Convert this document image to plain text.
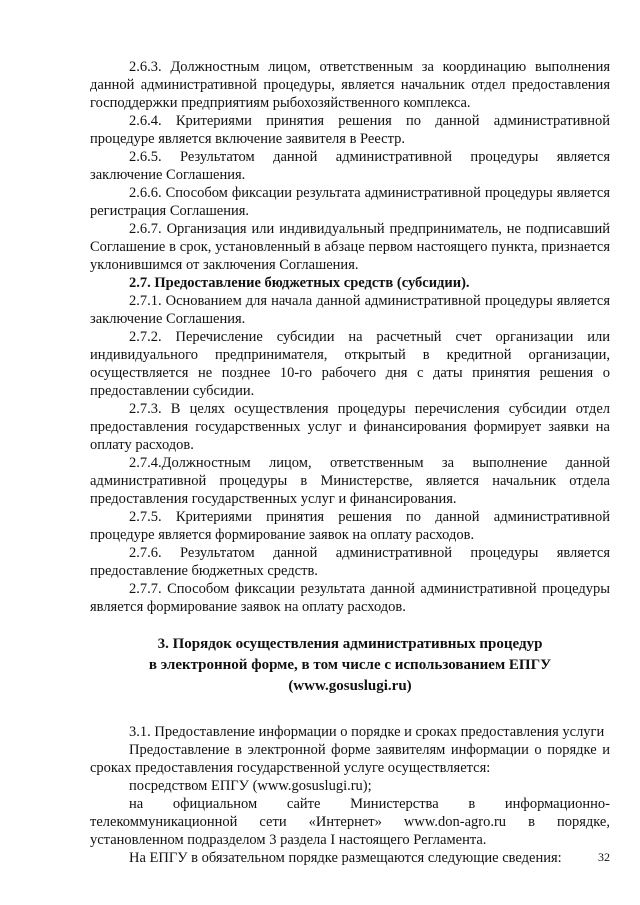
2.6.3. Должностным лицом, ответственным за координацию выполнения данной административной процедуры, является начальник отдел предоставления господдержки предприятиям рыбохозяйственного комплекса.

2.6.4. Критериями принятия решения по данной административной процедуре является включение заявителя в Реестр.

2.6.5. Результатом данной административной процедуры является заключение Соглашения.

2.6.6. Способом фиксации результата административной процедуры является регистрация Соглашения.

2.6.7. Организация или индивидуальный предприниматель, не подписавший Соглашение в срок, установленный в абзаце первом настоящего пункта, признается уклонившимся от заключения Соглашения.

2.7. Предоставление бюджетных средств (субсидии).

2.7.1. Основанием для начала данной административной процедуры является заключение Соглашения.

2.7.2. Перечисление субсидии на расчетный счет организации или индивидуального предпринимателя, открытый в кредитной организации, осуществляется не позднее 10-го рабочего дня с даты принятия решения о предоставлении субсидии.

2.7.3. В целях осуществления процедуры перечисления субсидии отдел предоставления государственных услуг и финансирования формирует заявки на оплату расходов.

2.7.4.Должностным лицом, ответственным за выполнение данной административной процедуры в Министерстве, является начальник отдела предоставления государственных услуг и финансирования.

2.7.5. Критериями принятия решения по данной административной процедуре является формирование заявок на оплату расходов.

2.7.6. Результатом данной административной процедуры является предоставление бюджетных средств.

2.7.7. Способом фиксации результата данной административной процедуры является формирование заявок на оплату расходов.

3. Порядок осуществления административных процедур
в электронной форме, в том числе с использованием ЕПГУ
(www.gosuslugi.ru)

3.1. Предоставление информации о порядке и сроках предоставления услуги

Предоставление в электронной форме заявителям информации о порядке и сроках предоставления государственной услуге осуществляется:

посредством ЕПГУ (www.gosuslugi.ru);

на официальном сайте Министерства в информационно-телекоммуникационной сети «Интернет» www.don-agro.ru в порядке, установленном подразделом 3 раздела I настоящего Регламента.

На ЕПГУ в обязательном порядке размещаются следующие сведения:	32
